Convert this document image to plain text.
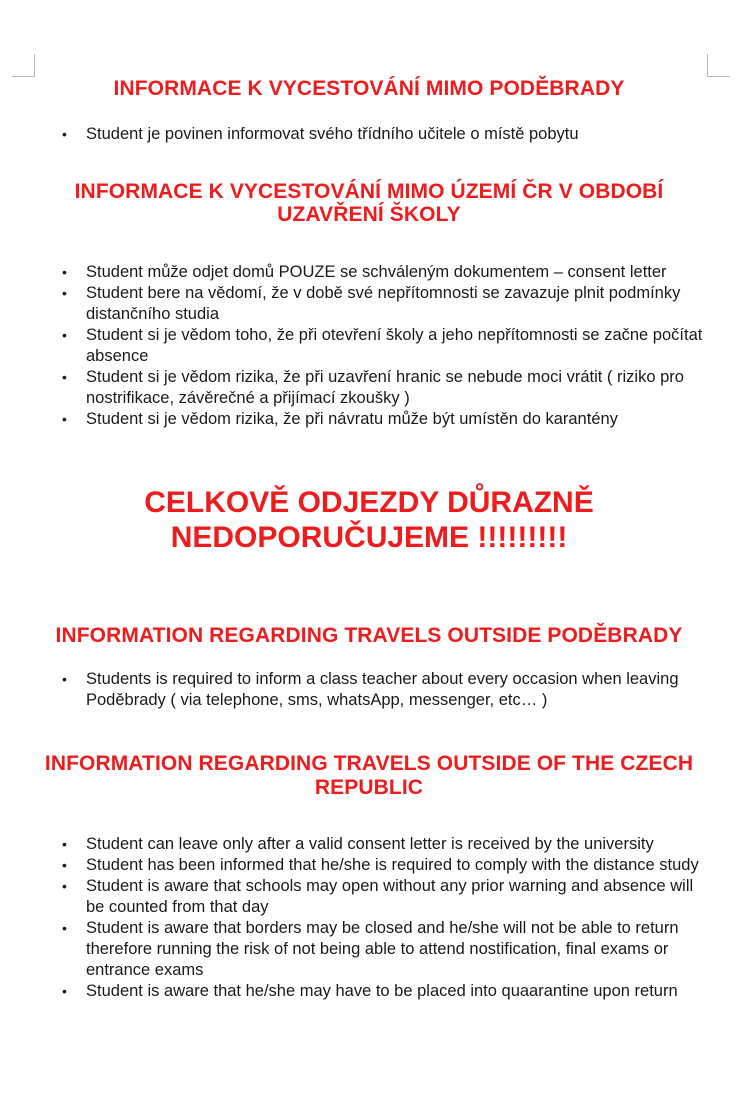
INFORMACE K VYCESTOVÁNÍ MIMO PODĚBRADY
• Student je povinen informovat svého třídního učitele o místě pobytu
INFORMACE K VYCESTOVÁNÍ MIMO ÚZEMÍ ČR V OBDOBÍ
UZAVŘENÍ ŠKOLY
• Student může odjet domů POUZE se schváleným dokumentem – consent letter
• Student bere na vědomí, že v době své nepřítomnosti se zavazuje plnit podmínky distančního studia
• Student si je vědom toho, že při otevření školy a jeho nepřítomnosti se začne počítat absence
• Student si je vědom rizika, že při uzavření hranic se nebude moci vrátit ( riziko pro nostrifikace, závěrečné a přijímací zkoušky )
• Student si je vědom rizika, že při návratu může být umístěn do karantény
CELKOVĚ ODJEZDY DŮRAZNĚ
NEDOPORUČUJEME !!!!!!!!!
INFORMATION REGARDING TRAVELS OUTSIDE PODĚBRADY
• Students is required to inform a class teacher about every occasion when leaving Poděbrady ( via telephone, sms, whatsApp, messenger, etc… )
INFORMATION REGARDING TRAVELS OUTSIDE OF THE CZECH
REPUBLIC
• Student can leave only after a valid consent letter is received by the university
• Student has been informed that he/she is required to comply with the distance study
• Student is aware that schools may open without any prior warning and absence will be counted from that day
• Student is aware that borders may be closed and he/she will not be able to return therefore running the risk of not being able to attend nostification, final exams or entrance exams
• Student is aware that he/she may have to be placed into quaarantine upon return
